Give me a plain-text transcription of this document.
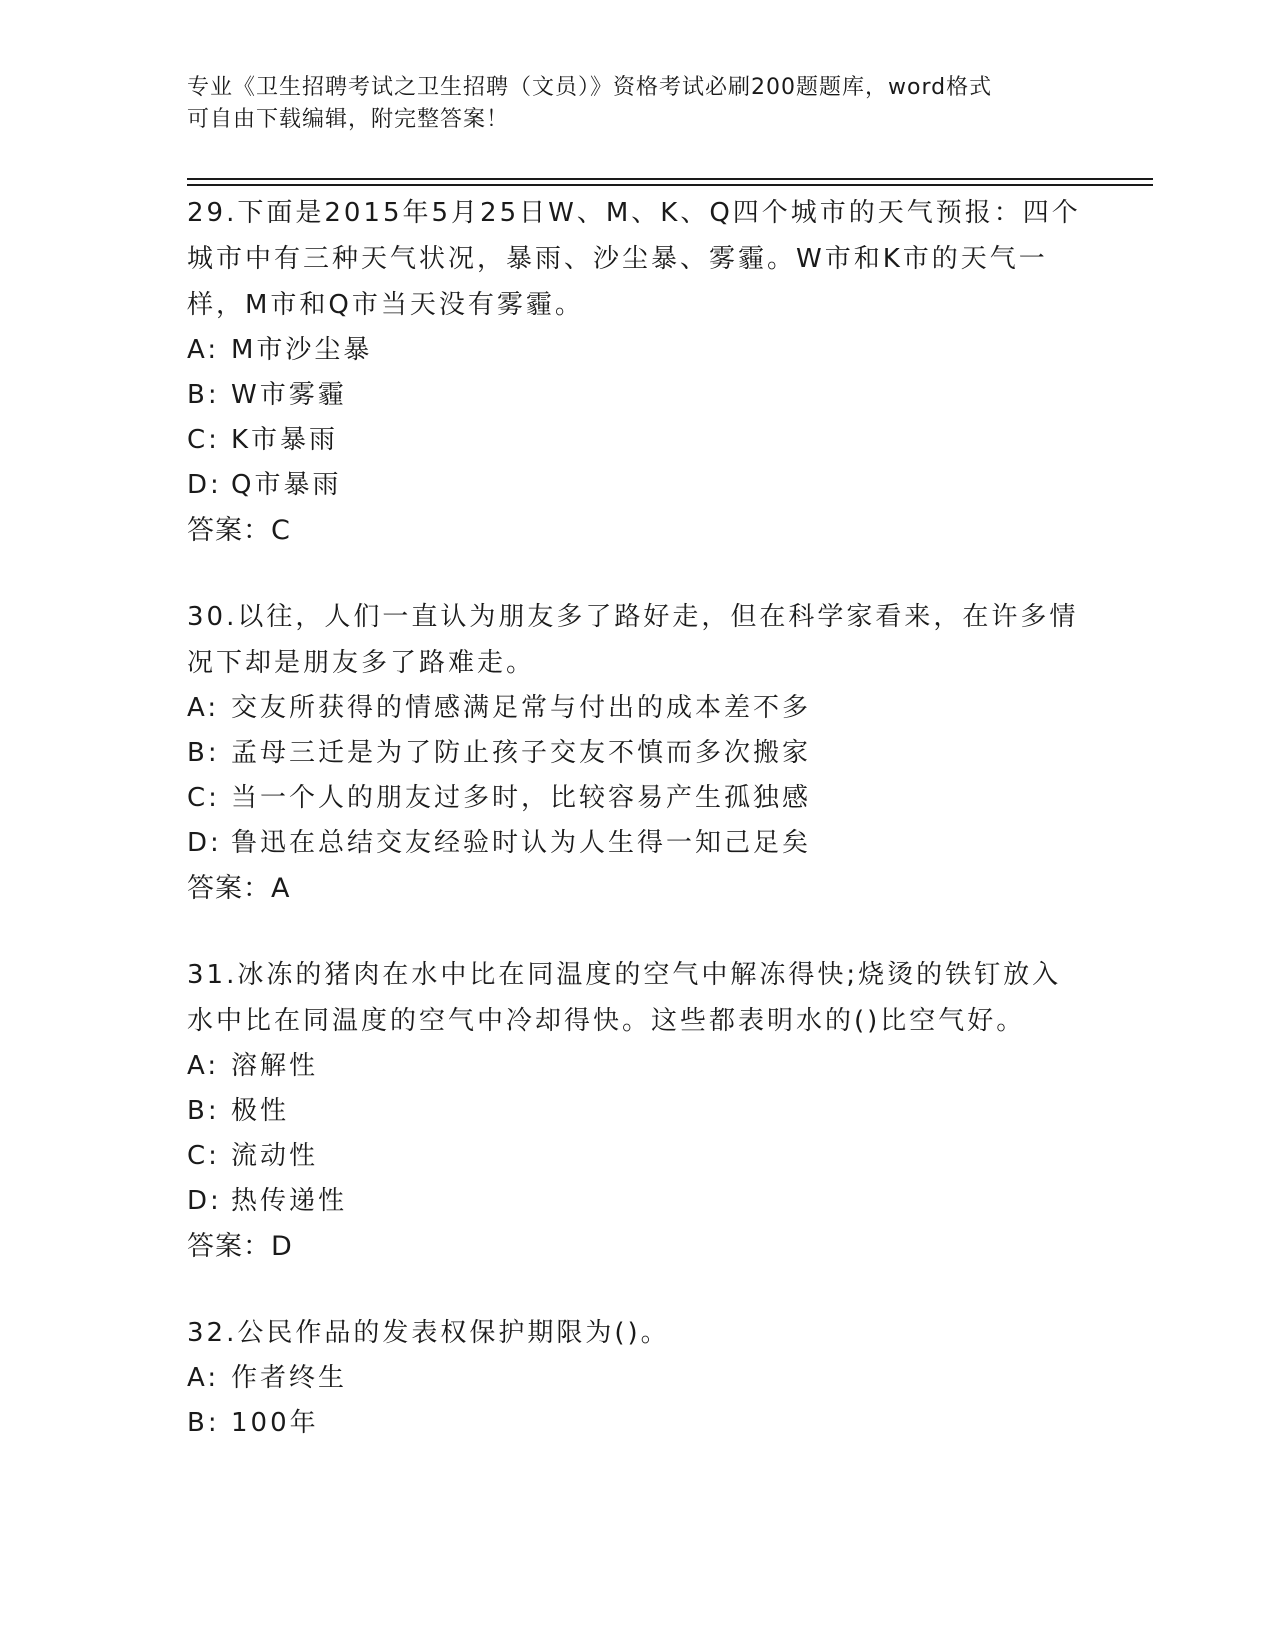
专业《卫生招聘考试之卫生招聘（文员）》资格考试必刷200题题库，word格式
可自由下载编辑，附完整答案！

29.下面是2015年5月25日W、M、K、Q四个城市的天气预报：四个城市中有三种天气状况，暴雨、沙尘暴、雾霾。W市和K市的天气一样，M市和Q市当天没有雾霾。

A: M市沙尘暴
B: W市雾霾
C: K市暴雨
D: Q市暴雨
答案：C

30.以往，人们一直认为朋友多了路好走，但在科学家看来，在许多情况下却是朋友多了路难走。

A: 交友所获得的情感满足常与付出的成本差不多
B: 孟母三迁是为了防止孩子交友不慎而多次搬家
C: 当一个人的朋友过多时，比较容易产生孤独感
D: 鲁迅在总结交友经验时认为人生得一知己足矣
答案：A

31.冰冻的猪肉在水中比在同温度的空气中解冻得快;烧烫的铁钉放入水中比在同温度的空气中冷却得快。这些都表明水的()比空气好。

A: 溶解性
B: 极性
C: 流动性
D: 热传递性
答案：D

32.公民作品的发表权保护期限为()。

A: 作者终生
B: 100年
